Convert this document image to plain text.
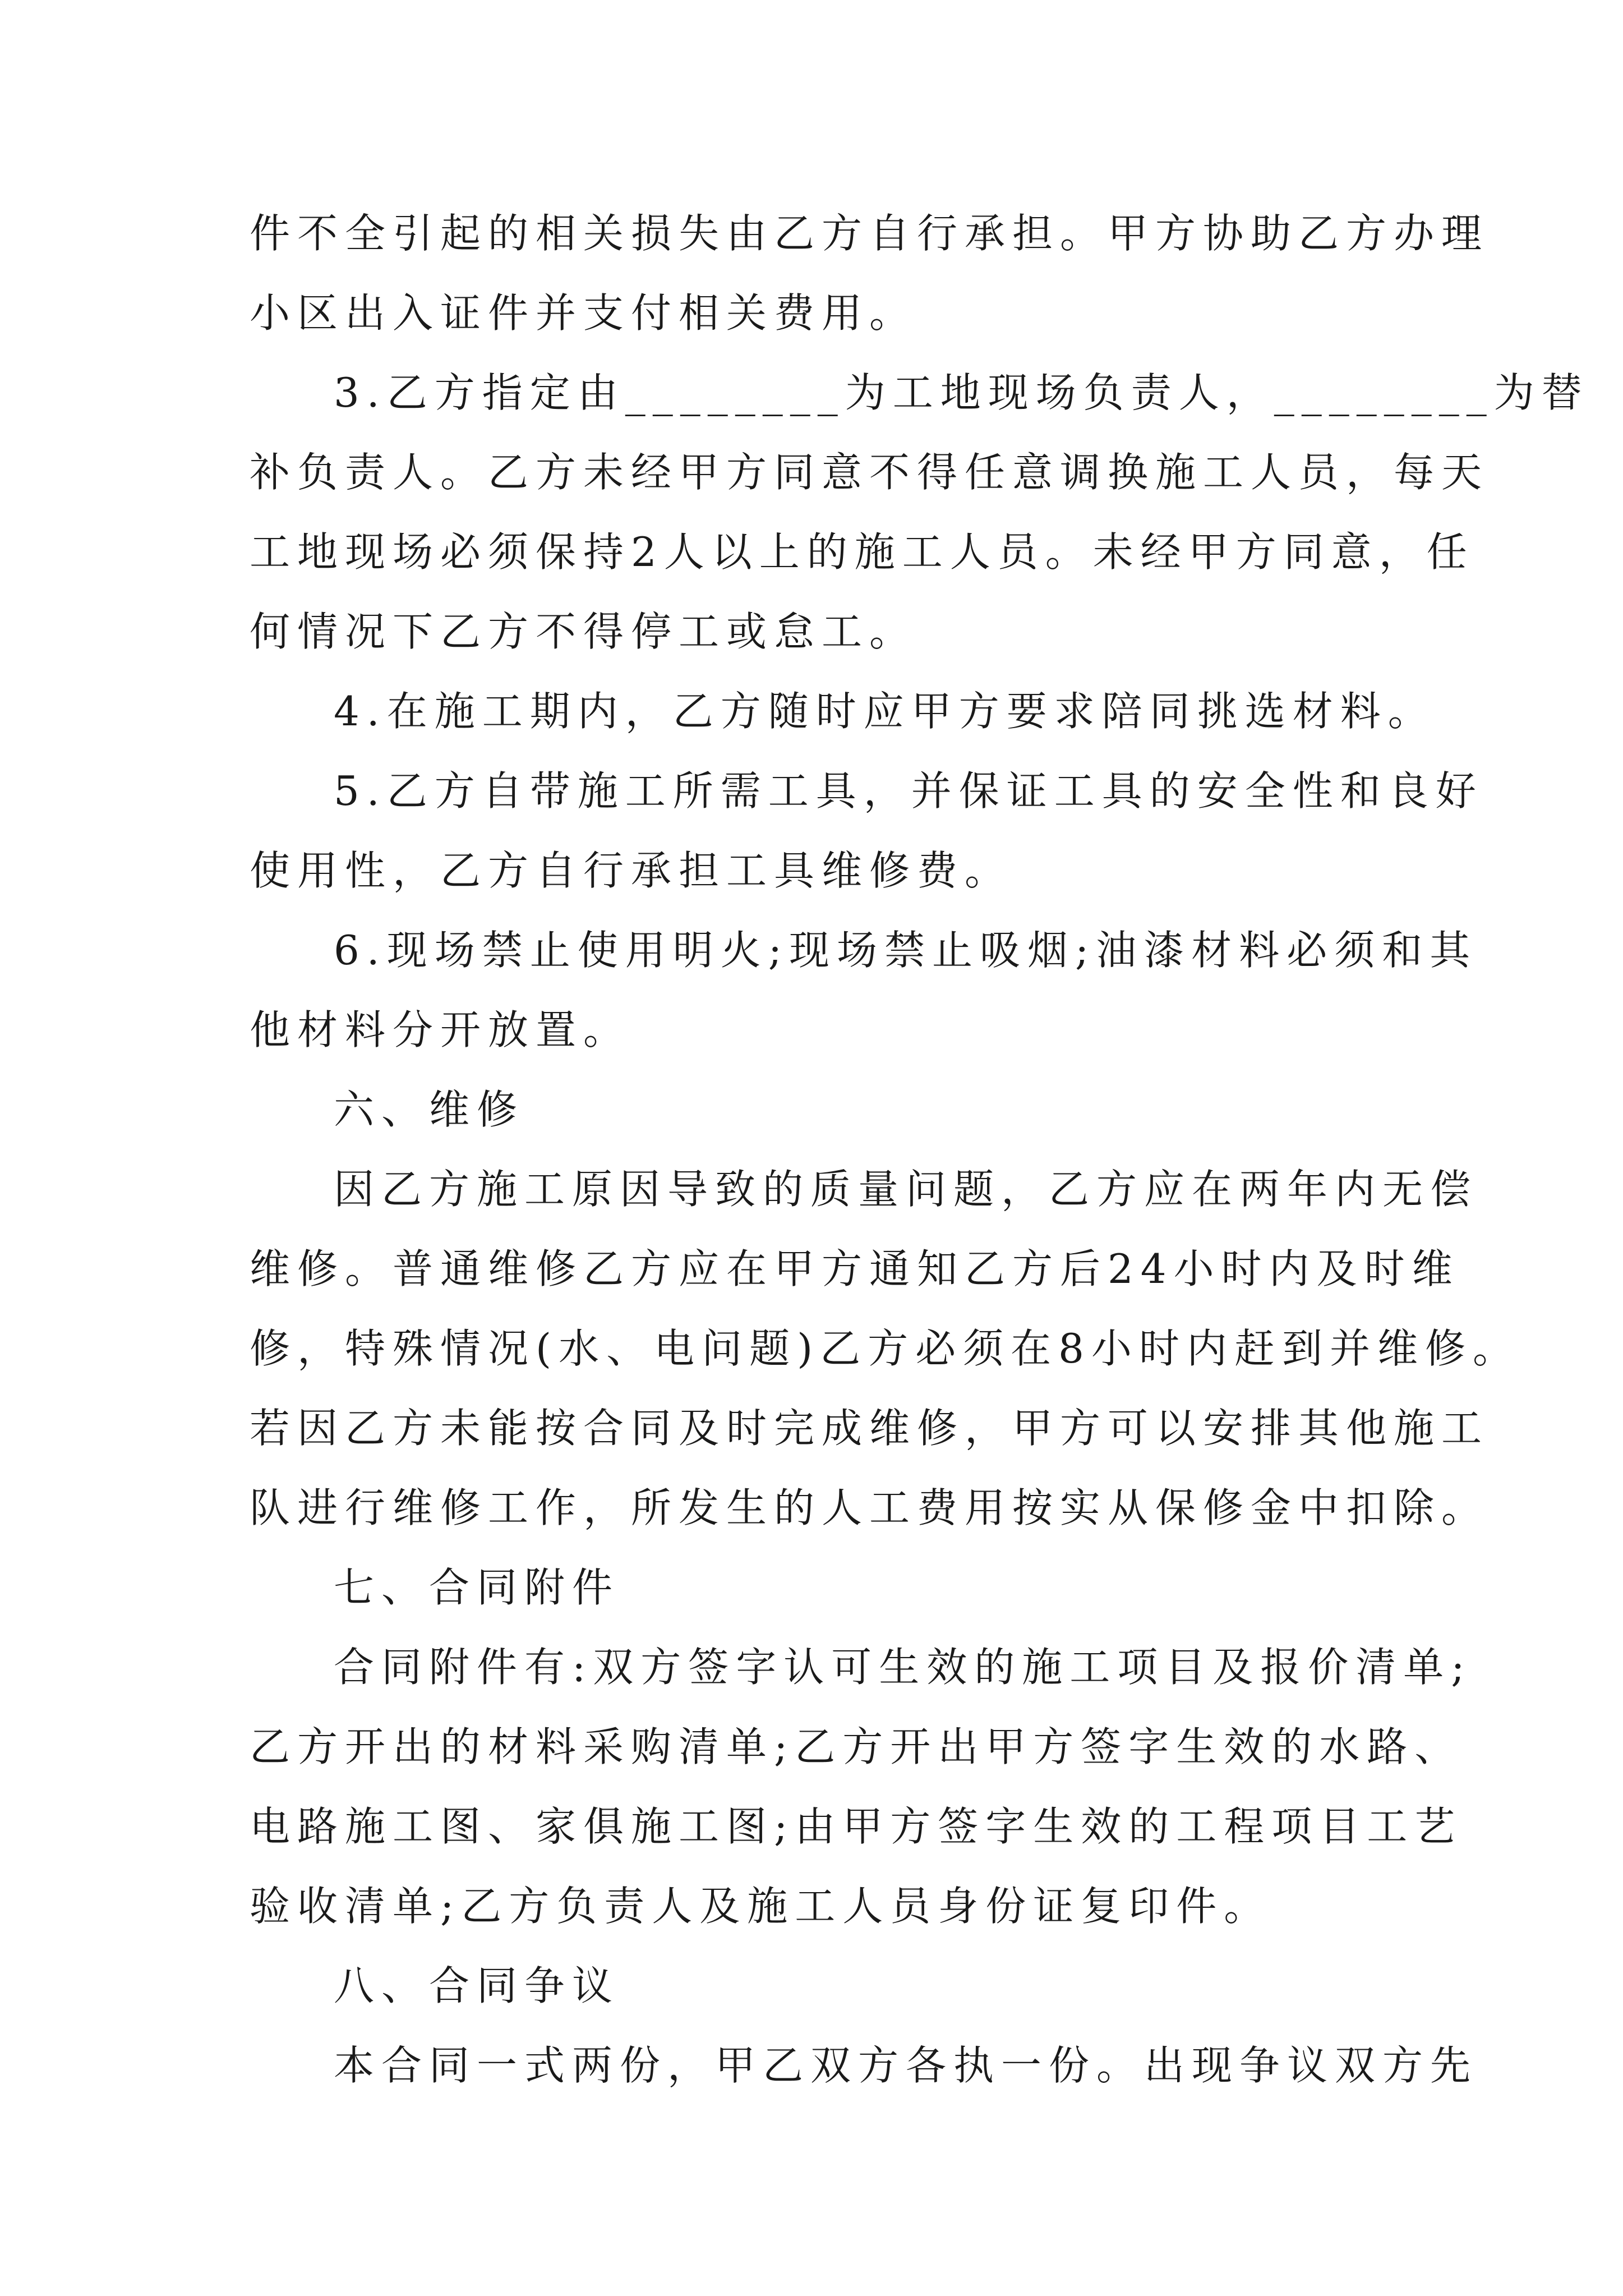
件不全引起的相关损失由乙方自行承担。甲方协助乙方办理
小区出入证件并支付相关费用。
3.乙方指定由________为工地现场负责人，________为替
补负责人。乙方未经甲方同意不得任意调换施工人员，每天
工地现场必须保持2人以上的施工人员。未经甲方同意，任
何情况下乙方不得停工或怠工。
4.在施工期内，乙方随时应甲方要求陪同挑选材料。
5.乙方自带施工所需工具，并保证工具的安全性和良好
使用性，乙方自行承担工具维修费。
6.现场禁止使用明火;现场禁止吸烟;油漆材料必须和其
他材料分开放置。
六、维修
因乙方施工原因导致的质量问题，乙方应在两年内无偿
维修。普通维修乙方应在甲方通知乙方后24小时内及时维
修，特殊情况(水、电问题)乙方必须在8小时内赶到并维修。
若因乙方未能按合同及时完成维修，甲方可以安排其他施工
队进行维修工作，所发生的人工费用按实从保修金中扣除。
七、合同附件
合同附件有:双方签字认可生效的施工项目及报价清单;
乙方开出的材料采购清单;乙方开出甲方签字生效的水路、
电路施工图、家俱施工图;由甲方签字生效的工程项目工艺
验收清单;乙方负责人及施工人员身份证复印件。
八、合同争议
本合同一式两份，甲乙双方各执一份。出现争议双方先
